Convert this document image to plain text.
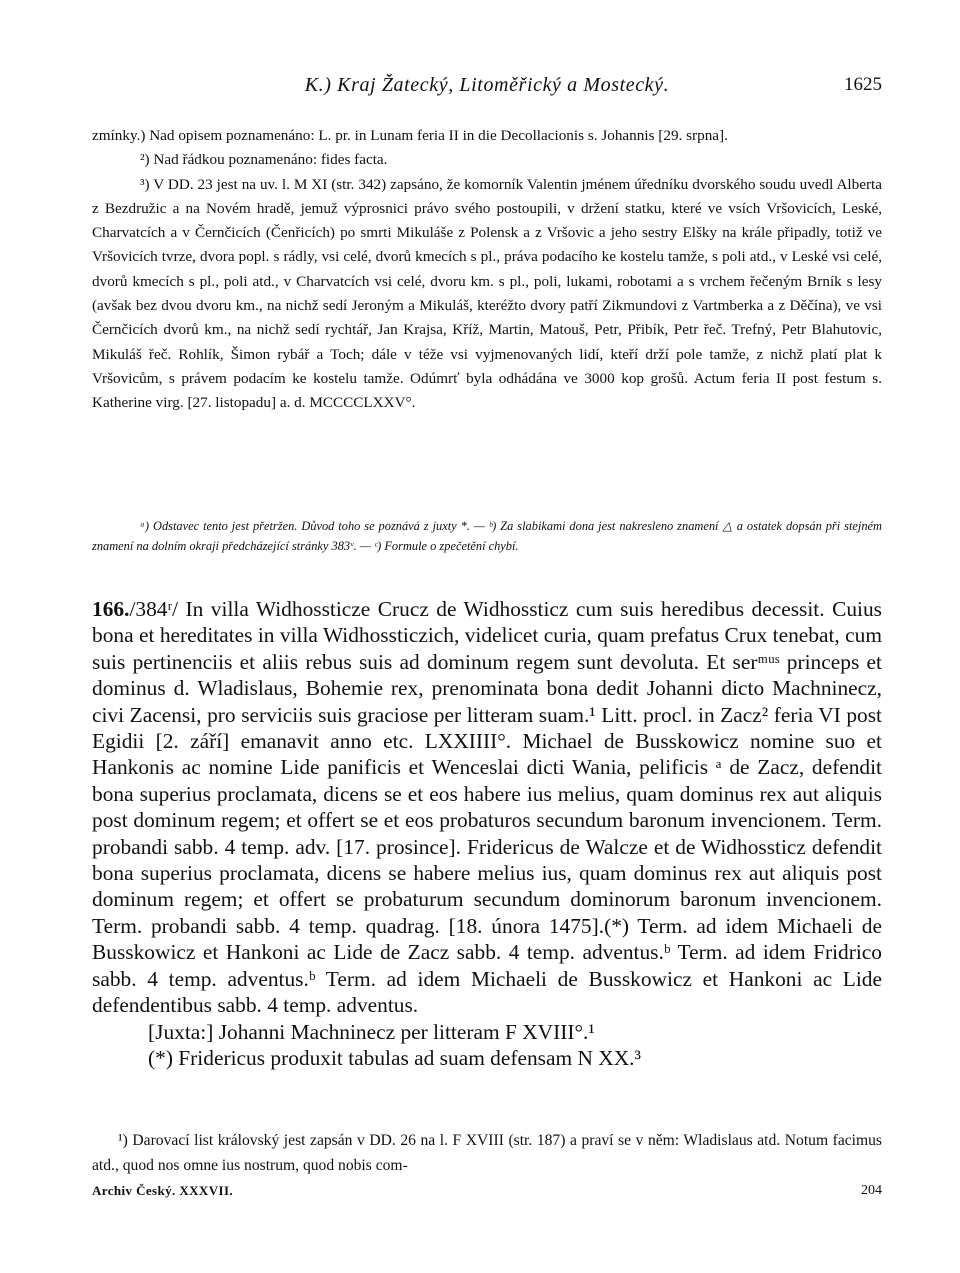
K.) Kraj Žatecký, Litoměřický a Mostecký.	1625

zmínky.) Nad opisem poznamenáno: L. pr. in Lunam feria II in die Decollacionis s. Johannis [29. srpna].

²) Nad řádkou poznamenáno: fides facta.

³) V DD. 23 jest na uv. l. M XI (str. 342) zapsáno, že komorník Valentin jménem úředníku dvorského soudu uvedl Alberta z Bezdružic a na Novém hradě, jemuž výprosnici právo svého postoupili, v držení statku, které ve vsích Vršovicích, Leské, Charvatcích a v Černčicích (Čenřicích) po smrti Mikuláše z Polensk a z Vršovic a jeho sestry Elšky na krále připadly, totiž ve Vršovicích tvrze, dvora popl. s rádly, vsi celé, dvorů kmecích s pl., práva podacího ke kostelu tamže, s poli atd., v Leské vsi celé, dvorů kmecích s pl., poli atd., v Charvatcích vsi celé, dvoru km. s pl., poli, lukami, robotami a s vrchem řečeným Brník s lesy (avšak bez dvou dvoru km., na nichž sedí Jeroným a Mikuláš, kteréžto dvory patří Zikmundovi z Vartmberka a z Děčína), ve vsi Černčicích dvorů km., na nichž sedí rychtář, Jan Krajsa, Kříž, Martin, Matouš, Petr, Přibík, Petr řeč. Trefný, Petr Blahutovic, Mikuláš řeč. Rohlík, Šimon rybář a Toch; dále v téže vsi vyjmenovaných lidí, kteří drží pole tamže, z nichž platí plat k Vršovicům, s právem podacím ke kostelu tamže. Odúmrť byla odhádána ve 3000 kop grošů. Actum feria II post festum s. Katherine virg. [27. listopadu] a. d. MCCCCLXXV°.

ᵃ) Odstavec tento jest přetržen. Důvod toho se poznává z juxty *. — ᵇ) Za slabikami dona jest nakresleno znamení △ a ostatek dopsán při stejném znamení na dolním okraji předcházející stránky 383ᵛ. — ᶜ) Formule o zpečetění chybí.

166./384ʳ/ In villa Widhossticze Crucz de Widhossticz cum suis heredibus decessit. Cuius bona et hereditates in villa Widhossticzich, videlicet curia, quam prefatus Crux tenebat, cum suis pertinenciis et aliis rebus suis ad dominum regem sunt devoluta. Et serᵐᵘˢ princeps et dominus d. Wladislaus, Bohemie rex, prenominata bona dedit Johanni dicto Machninecz, civi Zacensi, pro serviciis suis graciose per litteram suam.¹ Litt. procl. in Zacz² feria VI post Egidii [2. září] emanavit anno etc. LXXIIII°. Michael de Busskowicz nomine suo et Hankonis ac nomine Lide panificis et Wenceslai dicti Wania, pelificis ᵃ de Zacz, defendit bona superius proclamata, dicens se et eos habere ius melius, quam dominus rex aut aliquis post dominum regem; et offert se et eos probaturos secundum baronum invencionem. Term. probandi sabb. 4 temp. adv. [17. prosince]. Fridericus de Walcze et de Widhossticz defendit bona superius proclamata, dicens se habere melius ius, quam dominus rex aut aliquis post dominum regem; et offert se probaturum secundum dominorum baronum invencionem. Term. probandi sabb. 4 temp. quadrag. [18. února 1475].(*) Term. ad idem Michaeli de Busskowicz et Hankoni ac Lide de Zacz sabb. 4 temp. adventus.ᵇ Term. ad idem Fridrico sabb. 4 temp. adventus.ᵇ Term. ad idem Michaeli de Busskowicz et Hankoni ac Lide defendentibus sabb. 4 temp. adventus.

[Juxta:] Johanni Machninecz per litteram F XVIII°.¹

(*) Fridericus produxit tabulas ad suam defensam N XX.³

¹) Darovací list královský jest zapsán v DD. 26 na l. F XVIII (str. 187) a praví se v něm: Wladislaus atd. Notum facimus atd., quod nos omne ius nostrum, quod nobis com-

Archiv Český. XXXVII.	204
